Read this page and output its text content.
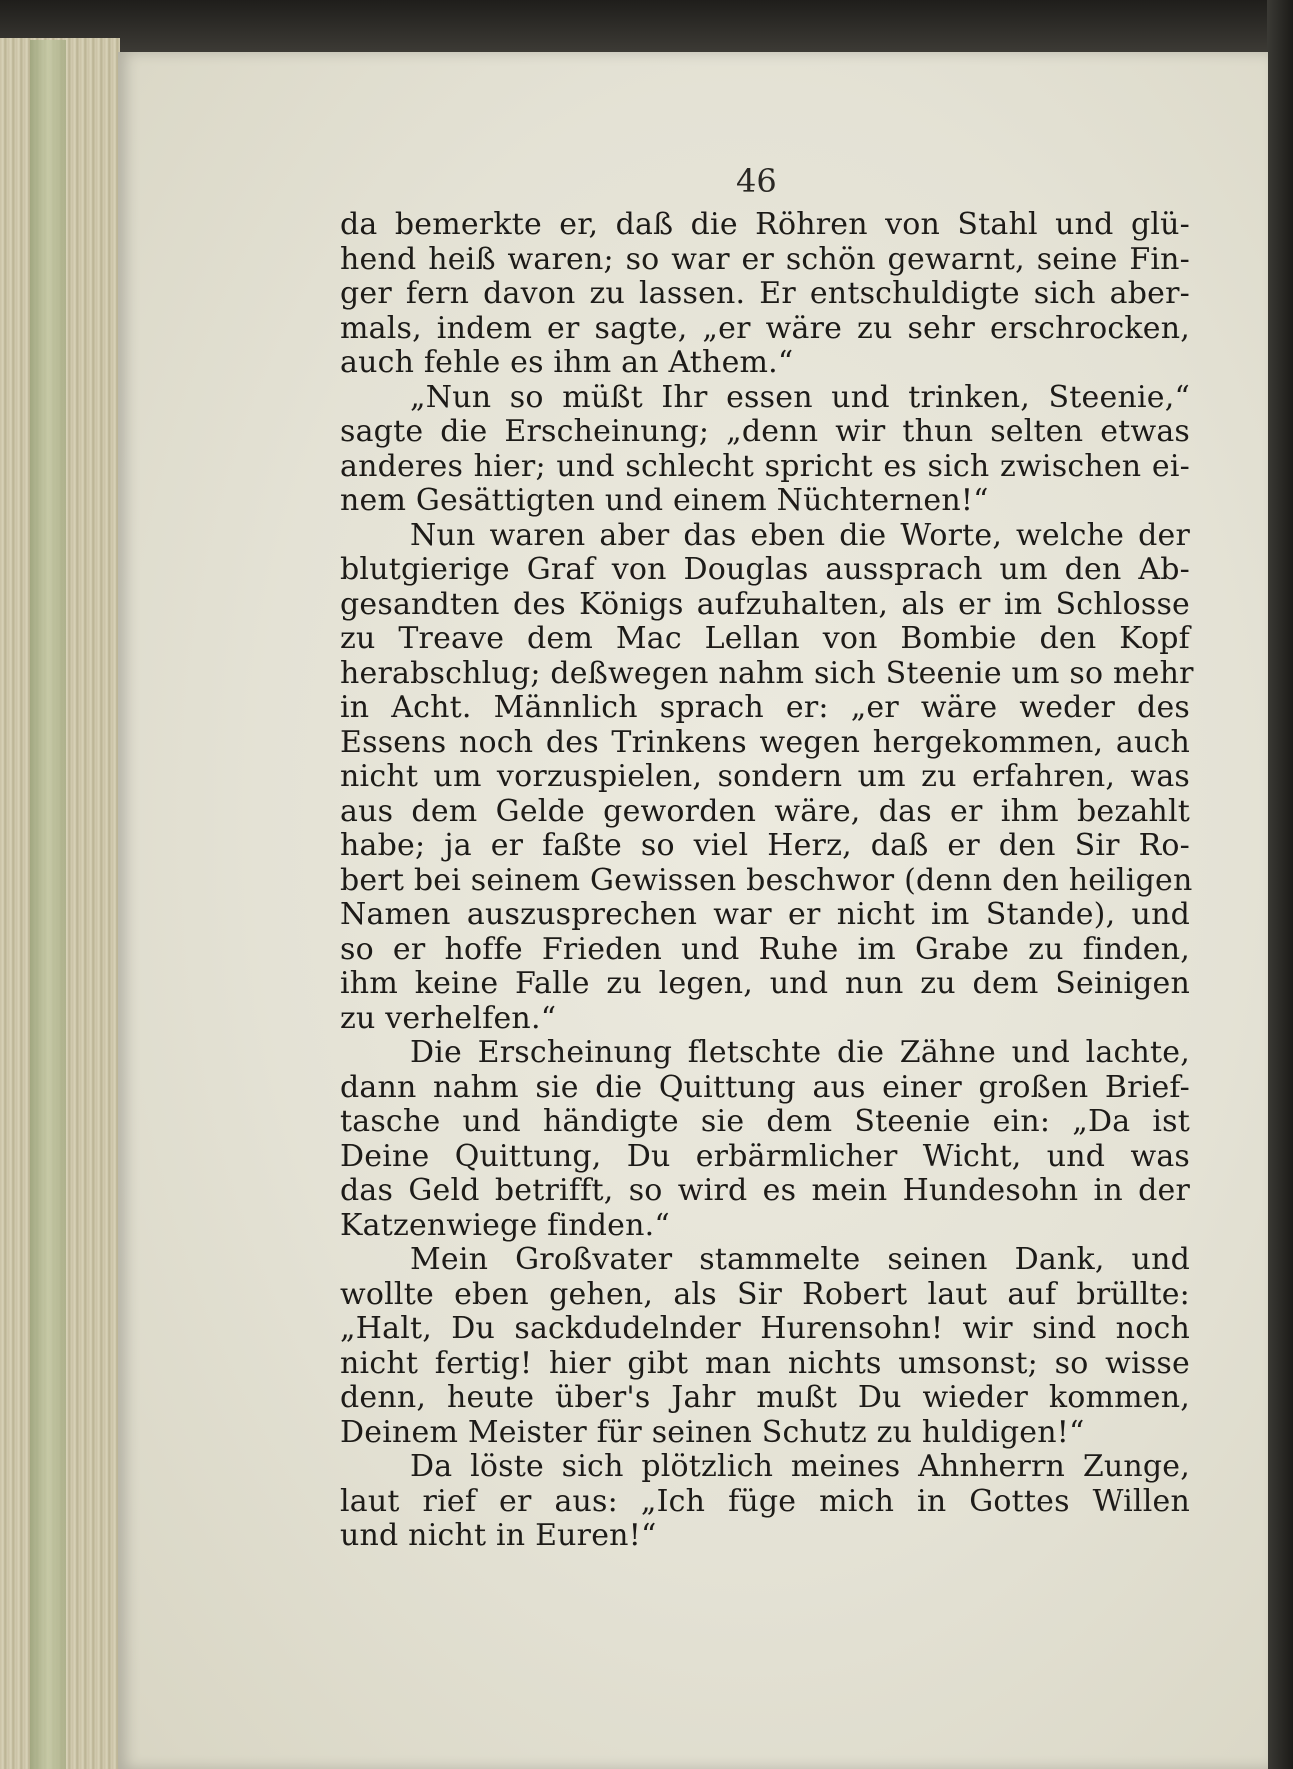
46
da bemerkte er, daß die Röhren von Stahl und glü-
hend heiß waren; so war er schön gewarnt, seine Fin-
ger fern davon zu lassen. Er entschuldigte sich aber-
mals, indem er sagte, „er wäre zu sehr erschrocken,
auch fehle es ihm an Athem.“
„Nun so müßt Ihr essen und trinken, Steenie,“
sagte die Erscheinung; „denn wir thun selten etwas
anderes hier; und schlecht spricht es sich zwischen ei-
nem Gesättigten und einem Nüchternen!“
Nun waren aber das eben die Worte, welche der
blutgierige Graf von Douglas aussprach um den Ab-
gesandten des Königs aufzuhalten, als er im Schlosse
zu Treave dem Mac Lellan von Bombie den Kopf
herabschlug; deßwegen nahm sich Steenie um so mehr
in Acht. Männlich sprach er: „er wäre weder des
Essens noch des Trinkens wegen hergekommen, auch
nicht um vorzuspielen, sondern um zu erfahren, was
aus dem Gelde geworden wäre, das er ihm bezahlt
habe; ja er faßte so viel Herz, daß er den Sir Ro-
bert bei seinem Gewissen beschwor (denn den heiligen
Namen auszusprechen war er nicht im Stande), und
so er hoffe Frieden und Ruhe im Grabe zu finden,
ihm keine Falle zu legen, und nun zu dem Seinigen
zu verhelfen.“
Die Erscheinung fletschte die Zähne und lachte,
dann nahm sie die Quittung aus einer großen Brief-
tasche und händigte sie dem Steenie ein: „Da ist
Deine Quittung, Du erbärmlicher Wicht, und was
das Geld betrifft, so wird es mein Hundesohn in der
Katzenwiege finden.“
Mein Großvater stammelte seinen Dank, und
wollte eben gehen, als Sir Robert laut auf brüllte:
„Halt, Du sackdudelnder Hurensohn! wir sind noch
nicht fertig! hier gibt man nichts umsonst; so wisse
denn, heute über's Jahr mußt Du wieder kommen,
Deinem Meister für seinen Schutz zu huldigen!“
Da löste sich plötzlich meines Ahnherrn Zunge,
laut rief er aus: „Ich füge mich in Gottes Willen
und nicht in Euren!“
